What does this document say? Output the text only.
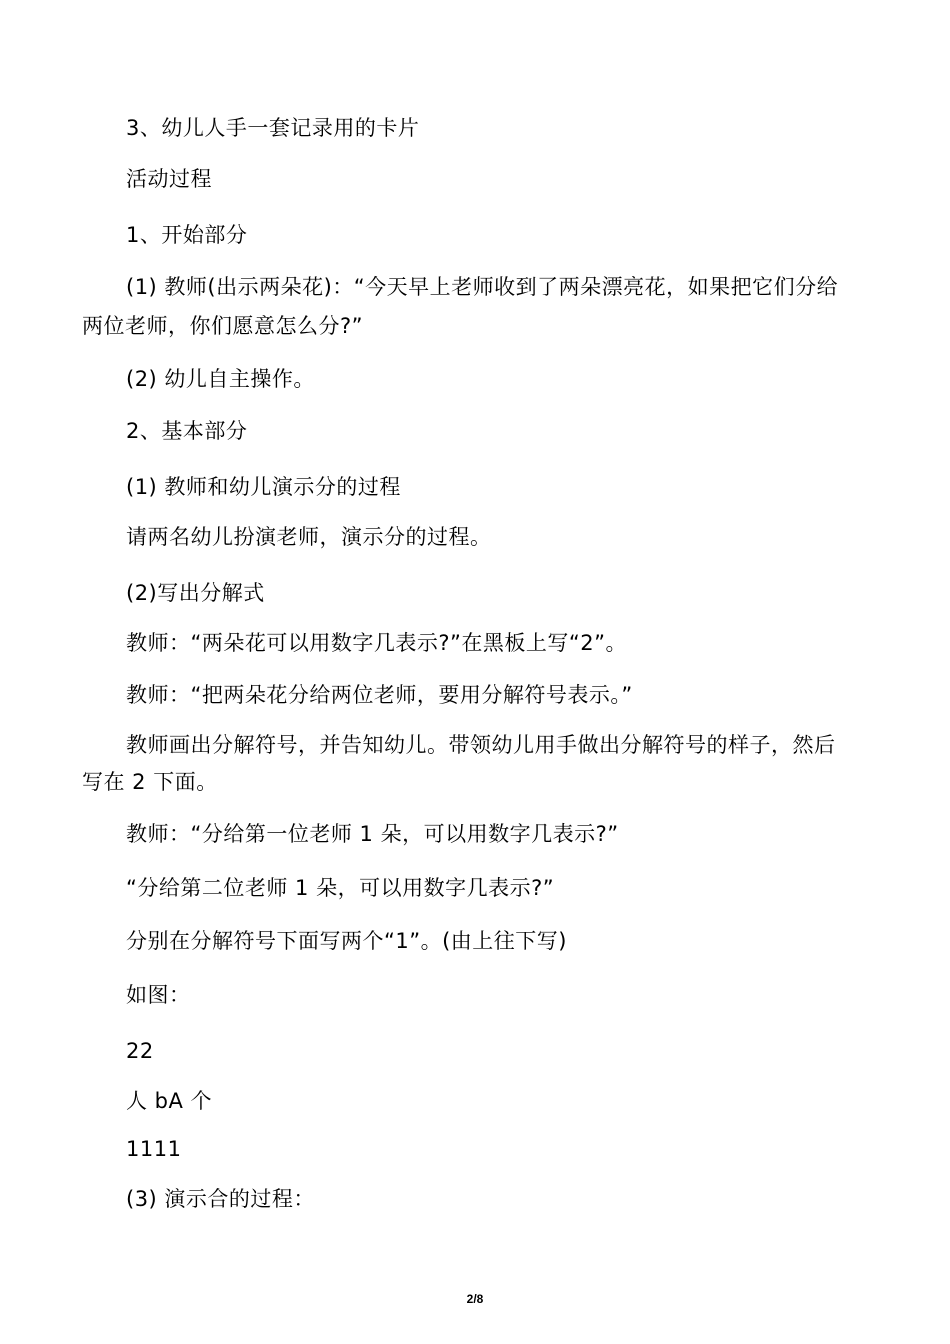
3、幼儿人手一套记录用的卡片
活动过程
1、开始部分
(1) 教师(出示两朵花)：“今天早上老师收到了两朵漂亮花，如果把它们分给
两位老师，你们愿意怎么分?”
(2) 幼儿自主操作。
2、基本部分
(1) 教师和幼儿演示分的过程
请两名幼儿扮演老师，演示分的过程。
(2)写出分解式
教师：“两朵花可以用数字几表示?”在黑板上写“2”。
教师：“把两朵花分给两位老师，要用分解符号表示。”
教师画出分解符号，并告知幼儿。带领幼儿用手做出分解符号的样子，然后
写在 2 下面。
教师：“分给第一位老师 1 朵，可以用数字几表示?”
“分给第二位老师 1 朵，可以用数字几表示?”
分别在分解符号下面写两个“1”。(由上往下写)
如图：
22
人 bA 个
1111
(3) 演示合的过程：
2/8
